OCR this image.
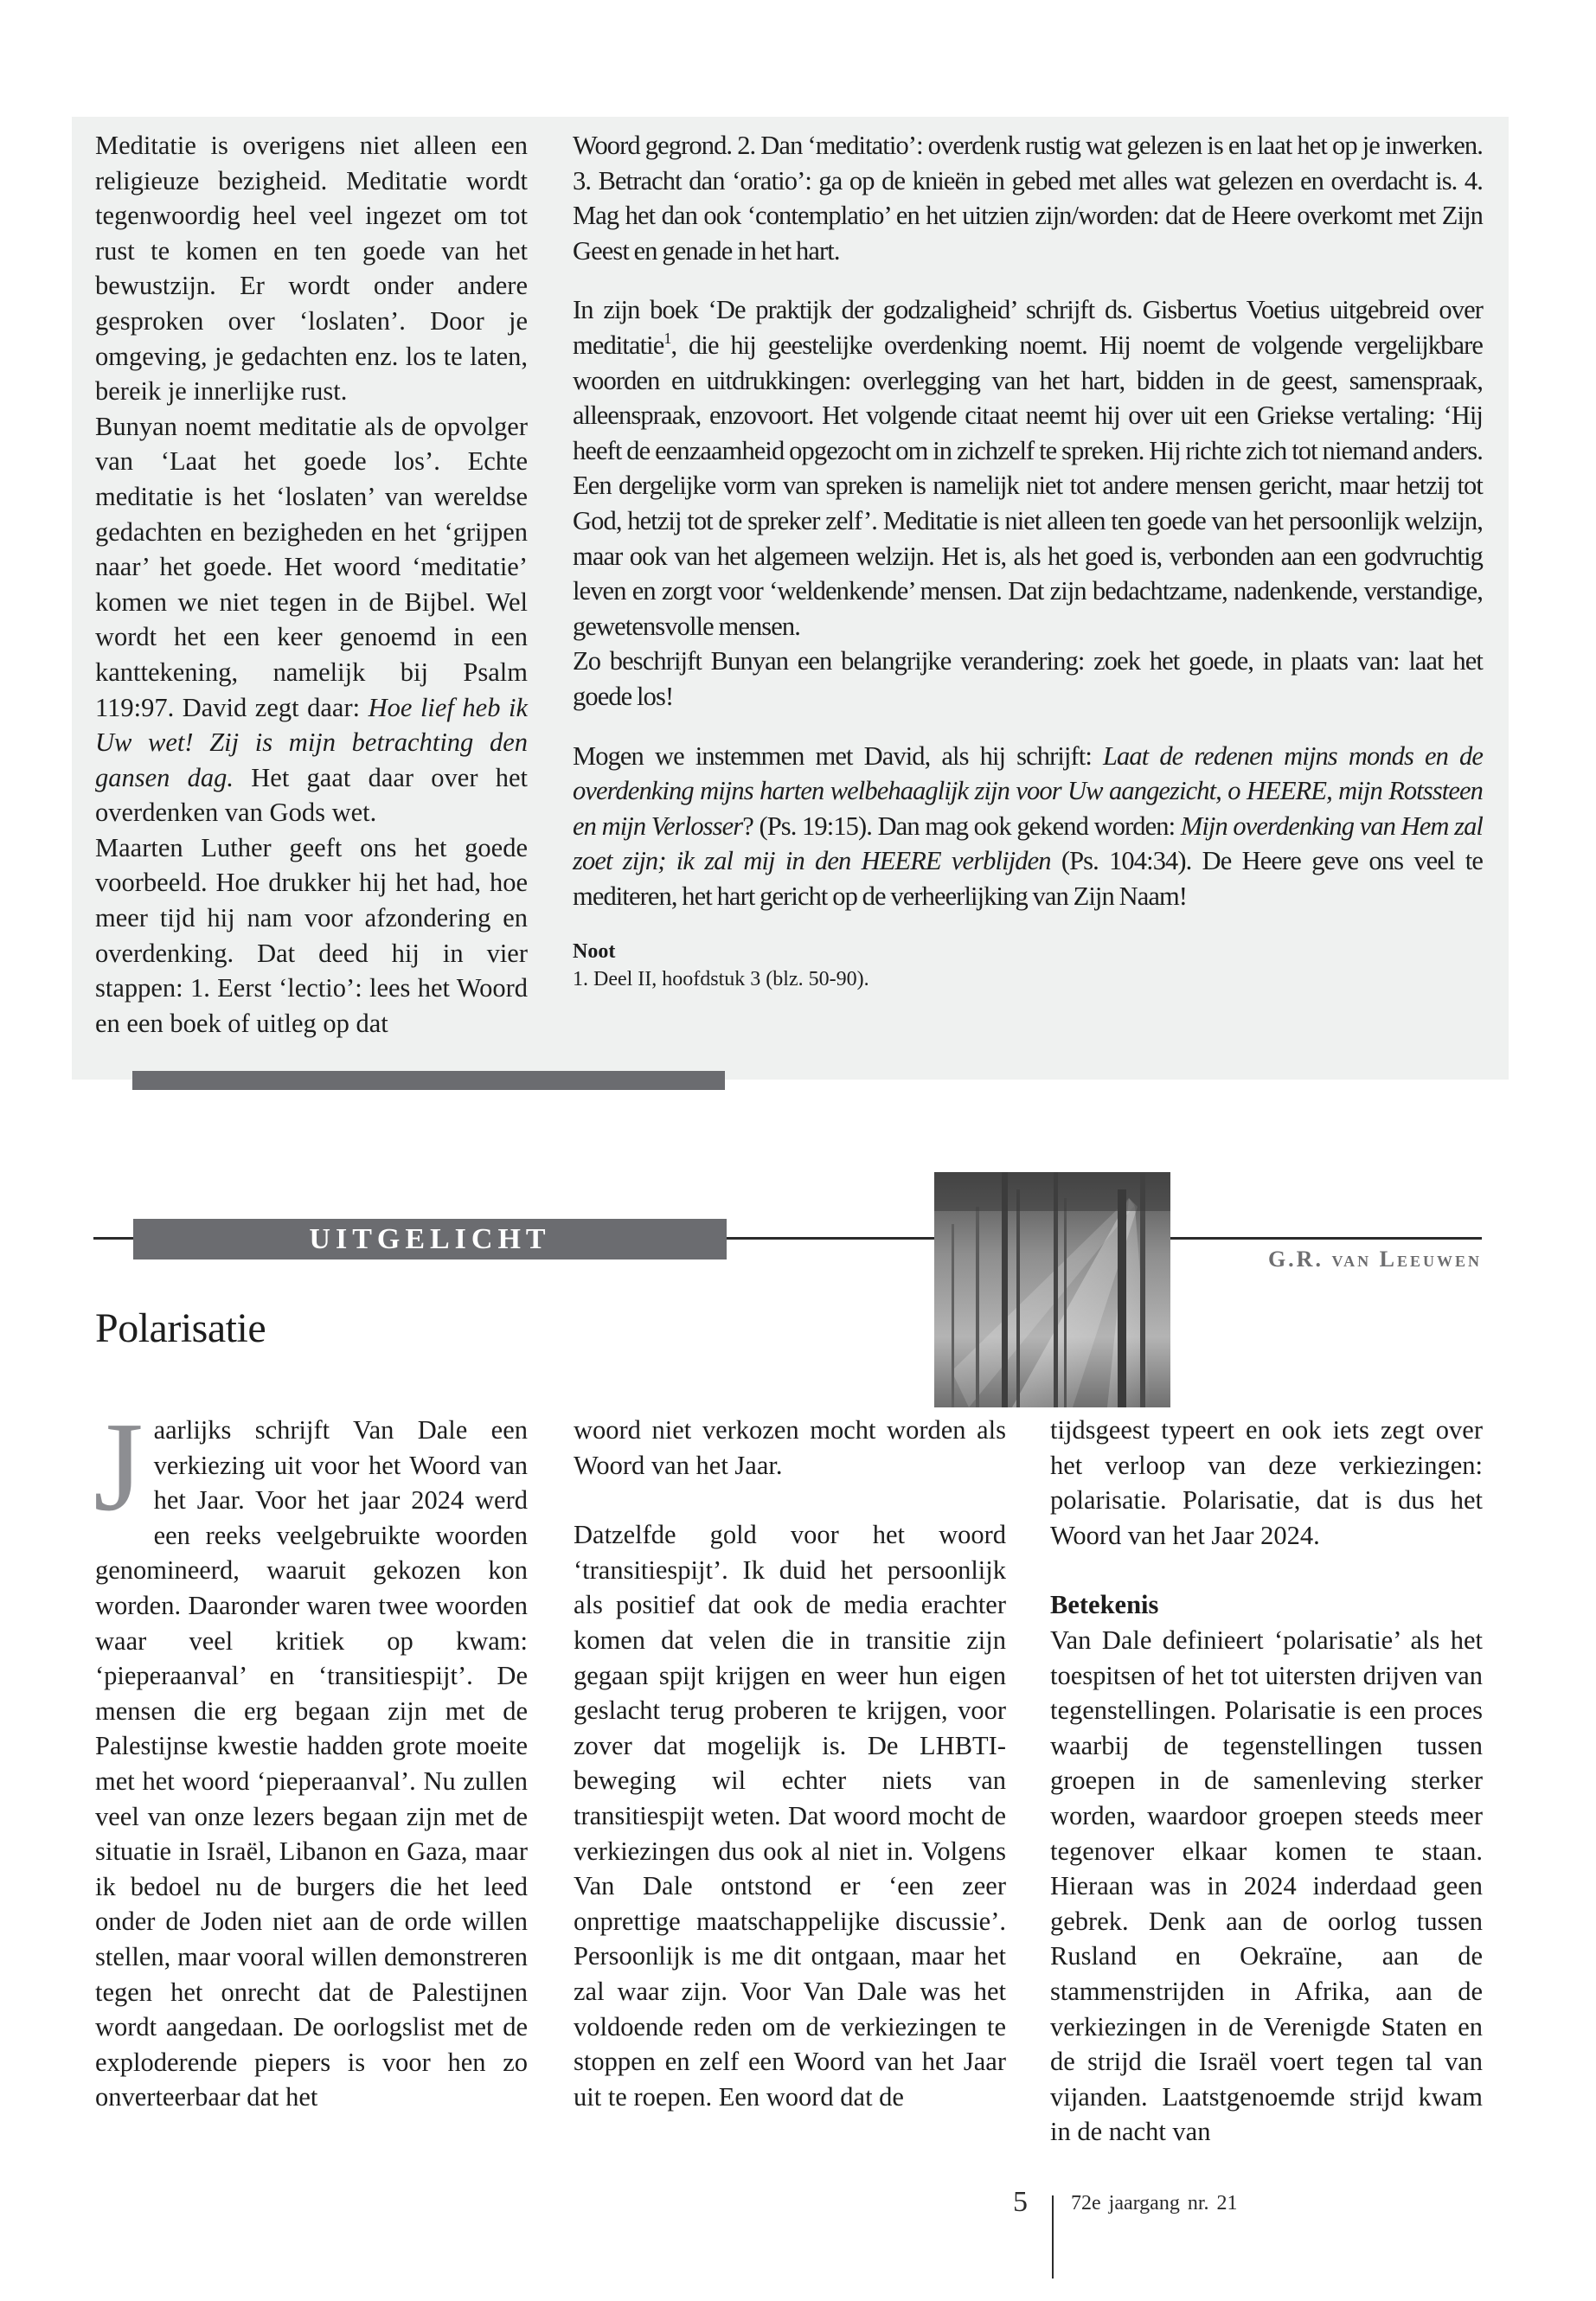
Meditatie is overigens niet alleen een religieuze bezigheid. Meditatie wordt tegenwoordig heel veel ingezet om tot rust te komen en ten goede van het bewustzijn. Er wordt onder andere gesproken over ‘loslaten’. Door je omgeving, je gedachten enz. los te laten, bereik je innerlijke rust.

Bunyan noemt meditatie als de opvolger van ‘Laat het goede los’. Echte meditatie is het ‘loslaten’ van wereldse gedachten en bezigheden en het ‘grijpen naar’ het goede. Het woord ‘meditatie’ komen we niet tegen in de Bijbel. Wel wordt het een keer genoemd in een kanttekening, namelijk bij Psalm 119:97. David zegt daar: Hoe lief heb ik Uw wet! Zij is mijn betrachting den gansen dag. Het gaat daar over het overdenken van Gods wet.

Maarten Luther geeft ons het goede voorbeeld. Hoe drukker hij het had, hoe meer tijd hij nam voor afzondering en overdenking. Dat deed hij in vier stappen: 1. Eerst ‘lectio’: lees het Woord en een boek of uitleg op dat

Woord gegrond. 2. Dan ‘meditatio’: overdenk rustig wat gelezen is en laat het op je inwerken. 3. Betracht dan ‘oratio’: ga op de knieën in gebed met alles wat gelezen en overdacht is. 4. Mag het dan ook ‘contemplatio’ en het uitzien zijn/worden: dat de Heere overkomt met Zijn Geest en genade in het hart.

In zijn boek ‘De praktijk der godzaligheid’ schrijft ds. Gisbertus Voetius uitgebreid over meditatie$^1$, die hij geestelijke overdenking noemt. Hij noemt de volgende vergelijkbare woorden en uitdrukkingen: overlegging van het hart, bidden in de geest, samenspraak, alleenspraak, enzovoort. Het volgende citaat neemt hij over uit een Griekse vertaling: ‘Hij heeft de eenzaamheid opgezocht om in zichzelf te spreken. Hij richte zich tot niemand anders. Een dergelijke vorm van spreken is namelijk niet tot andere mensen gericht, maar hetzij tot God, hetzij tot de spreker zelf’. Meditatie is niet alleen ten goede van het persoonlijk welzijn, maar ook van het algemeen welzijn. Het is, als het goed is, verbonden aan een godvruchtig leven en zorgt voor ‘weldenkende’ mensen. Dat zijn bedachtzame, nadenkende, verstandige, gewetensvolle mensen.

Zo beschrijft Bunyan een belangrijke verandering: zoek het goede, in plaats van: laat het goede los!

Mogen we instemmen met David, als hij schrijft: Laat de redenen mijns monds en de overdenking mijns harten welbehaaglijk zijn voor Uw aangezicht, o HEERE, mijn Rotssteen en mijn Verlosser? (Ps. 19:15). Dan mag ook gekend worden: Mijn overdenking van Hem zal zoet zijn; ik zal mij in den HEERE verblijden (Ps. 104:34). De Heere geve ons veel te mediteren, het hart gericht op de verheerlijking van Zijn Naam!

Noot
1. Deel II, hoofdstuk 3 (blz. 50-90).
UITGELICHT
G.R. van Leeuwen
Polarisatie

Jaarlijks schrijft Van Dale een verkiezing uit voor het Woord van het Jaar. Voor het jaar 2024 werd een reeks veelgebruikte woorden genomineerd, waaruit gekozen kon worden. Daaronder waren twee woorden waar veel kritiek op kwam: ‘pieperaanval’ en ‘transitiespijt’. De mensen die erg begaan zijn met de Palestijnse kwestie hadden grote moeite met het woord ‘pieperaanval’. Nu zullen veel van onze lezers begaan zijn met de situatie in Israël, Libanon en Gaza, maar ik bedoel nu de burgers die het leed onder de Joden niet aan de orde willen stellen, maar vooral willen demonstreren tegen het onrecht dat de Palestijnen wordt aangedaan. De oorlogslist met de exploderende piepers is voor hen zo onverteerbaar dat het

woord niet verkozen mocht worden als Woord van het Jaar.

Datzelfde gold voor het woord ‘transitiespijt’. Ik duid het persoonlijk als positief dat ook de media erachter komen dat velen die in transitie zijn gegaan spijt krijgen en weer hun eigen geslacht terug proberen te krijgen, voor zover dat mogelijk is. De LHBTI-beweging wil echter niets van transitiespijt weten. Dat woord mocht de verkiezingen dus ook al niet in. Volgens Van Dale ontstond er ‘een zeer onprettige maatschappelijke discussie’. Persoonlijk is me dit ontgaan, maar het zal waar zijn. Voor Van Dale was het voldoende reden om de verkiezingen te stoppen en zelf een Woord van het Jaar uit te roepen. Een woord dat de

tijdsgeest typeert en ook iets zegt over het verloop van deze verkiezingen: polarisatie. Polarisatie, dat is dus het Woord van het Jaar 2024.

Betekenis

Van Dale definieert ‘polarisatie’ als het toespitsen of het tot uitersten drijven van tegenstellingen. Polarisatie is een proces waarbij de tegenstellingen tussen groepen in de samenleving sterker worden, waardoor groepen steeds meer tegenover elkaar komen te staan. Hieraan was in 2024 inderdaad geen gebrek. Denk aan de oorlog tussen Rusland en Oekraïne, aan de stammenstrijden in Afrika, aan de verkiezingen in de Verenigde Staten en de strijd die Israël voert tegen tal van vijanden. Laatstgenoemde strijd kwam in de nacht van

5 72e jaargang nr. 21
